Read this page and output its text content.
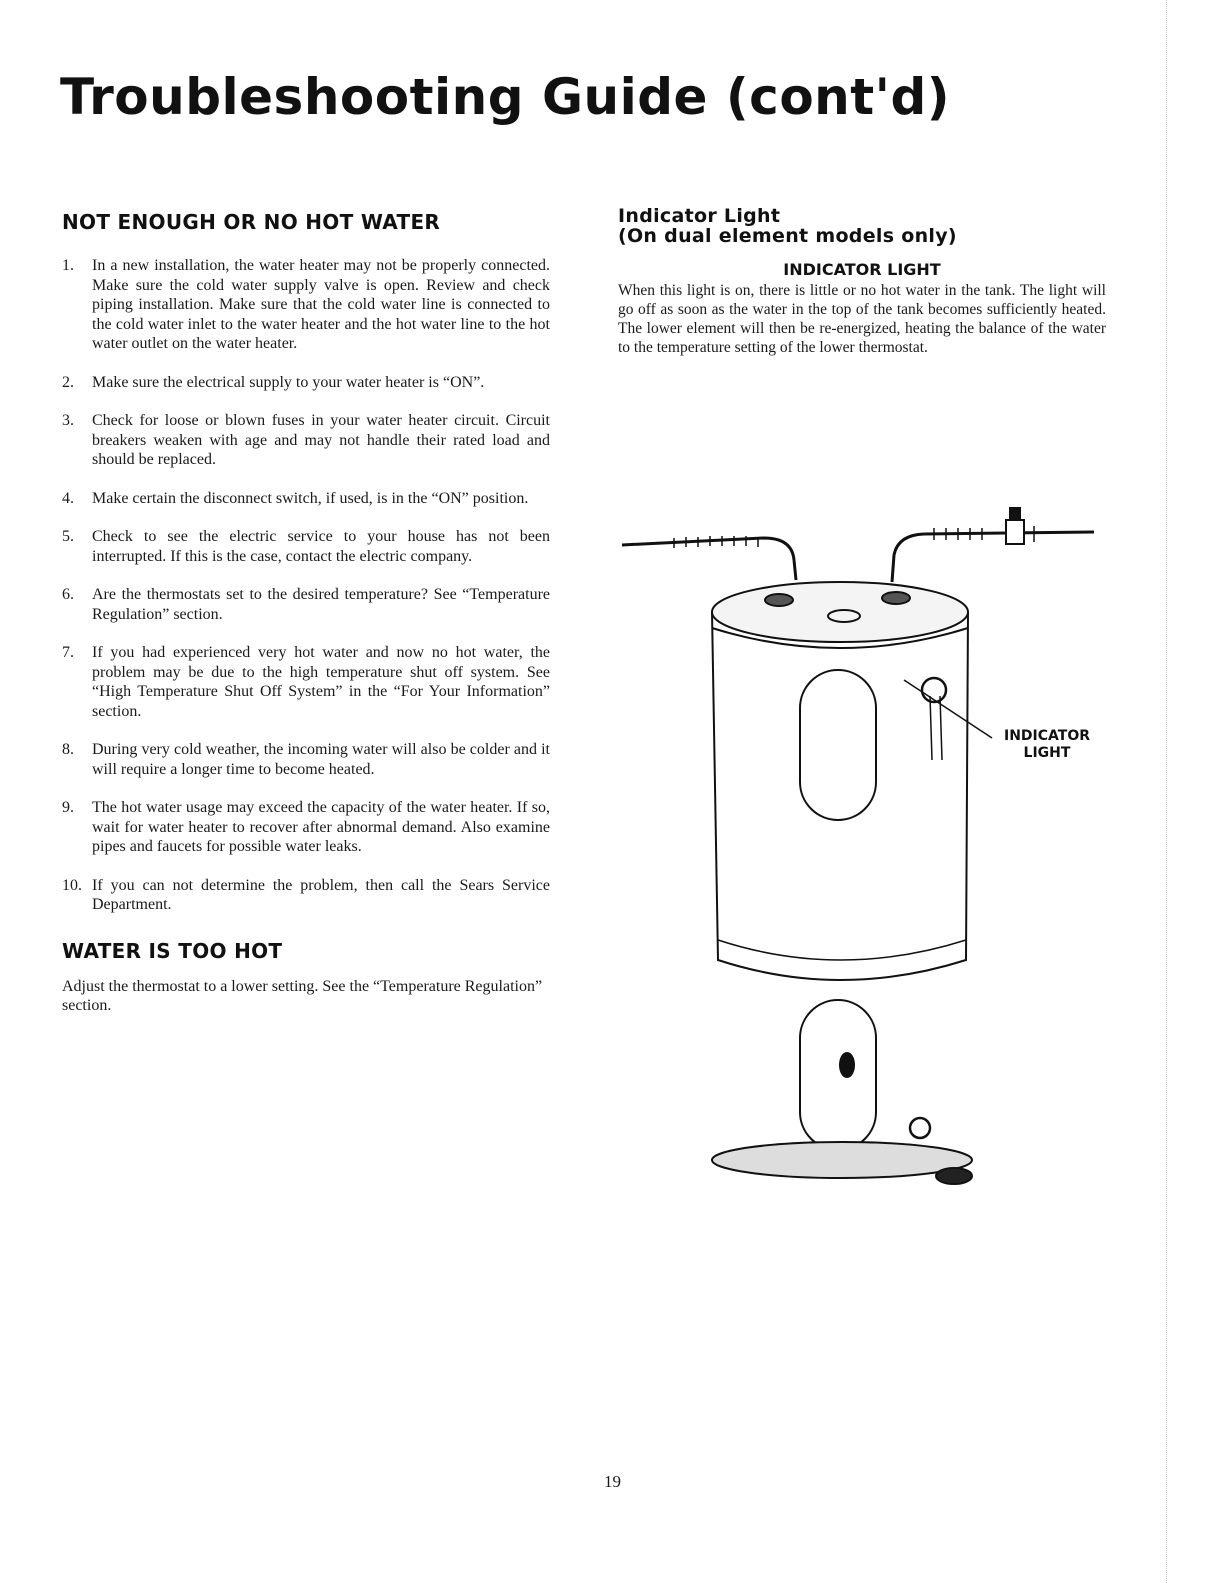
Troubleshooting Guide (cont'd)
NOT ENOUGH OR NO HOT WATER
1. In a new installation, the water heater may not be properly connected. Make sure the cold water supply valve is open. Review and check piping installation. Make sure that the cold water line is connected to the cold water inlet to the water heater and the hot water line to the hot water outlet on the water heater.
2. Make sure the electrical supply to your water heater is “ON”.
3. Check for loose or blown fuses in your water heater circuit. Circuit breakers weaken with age and may not handle their rated load and should be replaced.
4. Make certain the disconnect switch, if used, is in the “ON” position.
5. Check to see the electric service to your house has not been interrupted. If this is the case, contact the electric company.
6. Are the thermostats set to the desired temperature? See “Temperature Regulation” section.
7. If you had experienced very hot water and now no hot water, the problem may be due to the high temperature shut off system. See “High Temperature Shut Off System” in the “For Your Information” section.
8. During very cold weather, the incoming water will also be colder and it will require a longer time to become heated.
9. The hot water usage may exceed the capacity of the water heater. If so, wait for water heater to recover after abnormal demand. Also examine pipes and faucets for possible water leaks.
10. If you can not determine the problem, then call the Sears Service Department.
WATER IS TOO HOT

Adjust the thermostat to a lower setting. See the “Temperature Regulation” section.

Indicator Light
(On dual element models only)
INDICATOR LIGHT

When this light is on, there is little or no hot water in the tank. The light will go off as soon as the water in the top of the tank becomes sufficiently heated. The lower element will then be re-energized, heating the balance of the water to the temperature setting of the lower thermostat.

INDICATOR
LIGHT
19
